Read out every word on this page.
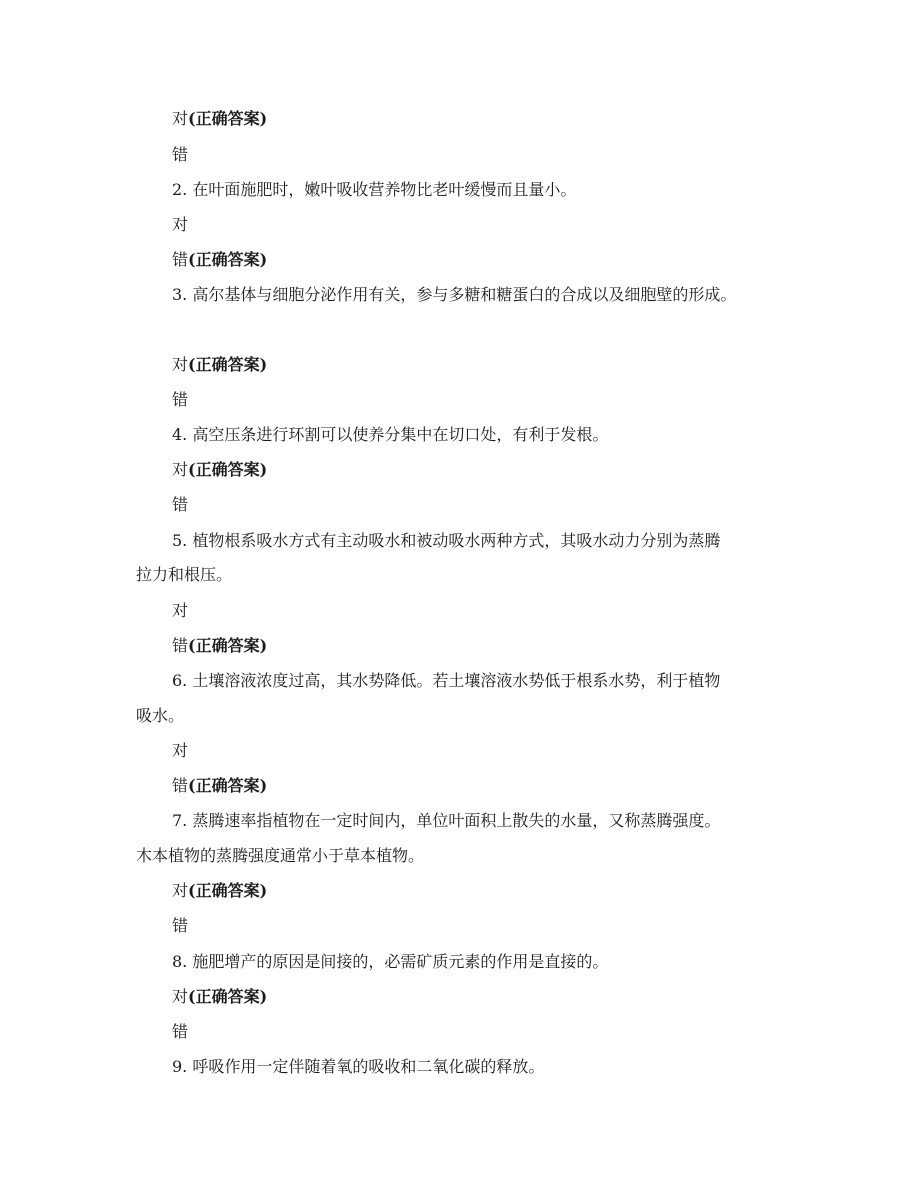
对(正确答案)
错
2. 在叶面施肥时，嫩叶吸收营养物比老叶缓慢而且量小。
对
错(正确答案)
3. 高尔基体与细胞分泌作用有关，参与多糖和糖蛋白的合成以及细胞壁的形成。
对(正确答案)
错
4. 高空压条进行环割可以使养分集中在切口处，有利于发根。
对(正确答案)
错
5. 植物根系吸水方式有主动吸水和被动吸水两种方式，其吸水动力分别为蒸腾
拉力和根压。
对
错(正确答案)
6. 土壤溶液浓度过高，其水势降低。若土壤溶液水势低于根系水势，利于植物
吸水。
对
错(正确答案)
7. 蒸腾速率指植物在一定时间内，单位叶面积上散失的水量，又称蒸腾强度。
木本植物的蒸腾强度通常小于草本植物。
对(正确答案)
错
8. 施肥增产的原因是间接的，必需矿质元素的作用是直接的。
对(正确答案)
错
9. 呼吸作用一定伴随着氧的吸收和二氧化碳的释放。
